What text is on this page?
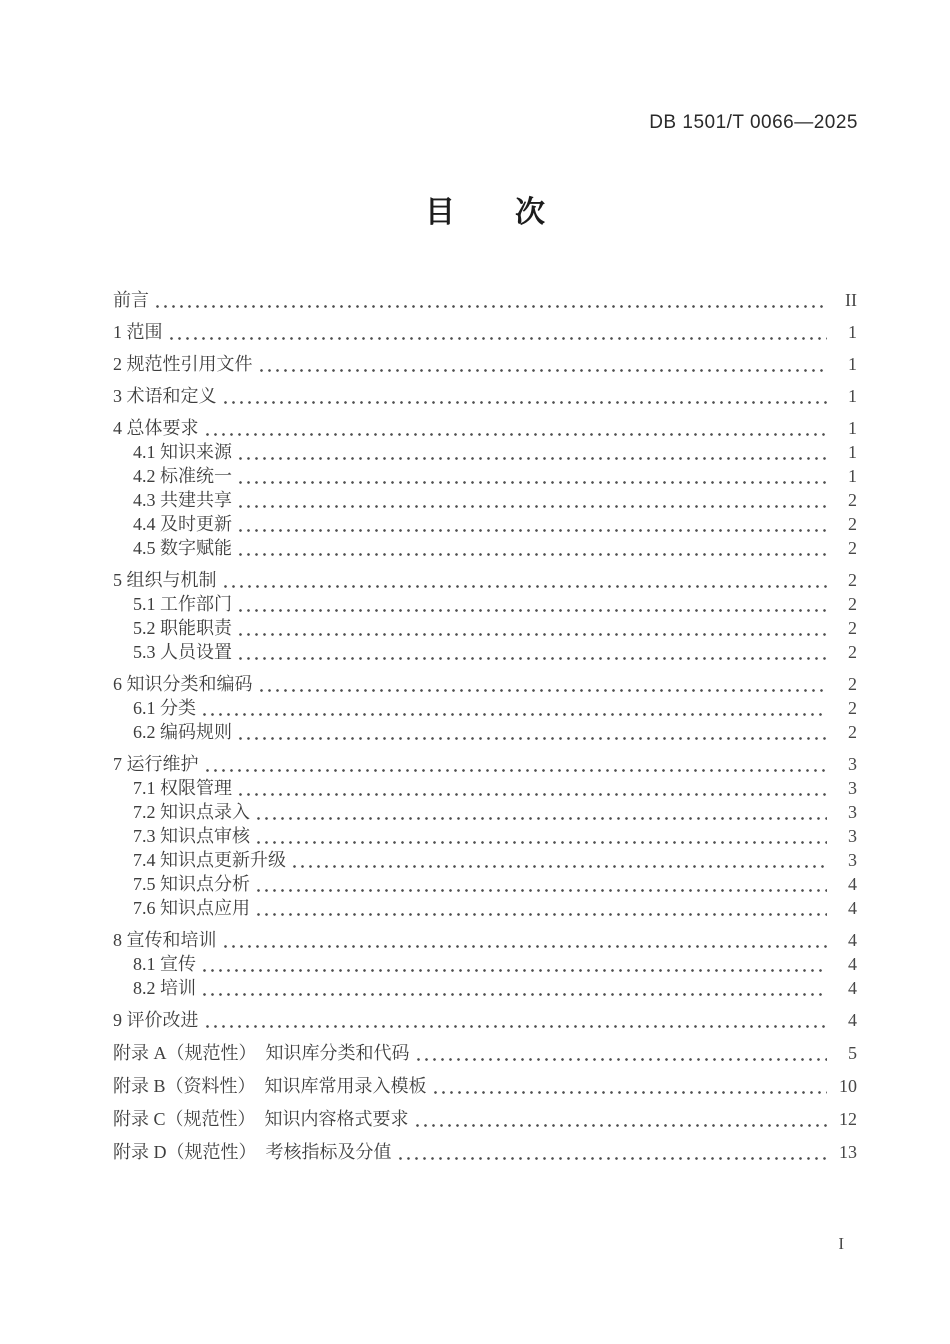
DB 1501/T 0066—2025
目　　次
前言	II
1 范围	1
2 规范性引用文件	1
3 术语和定义	1
4 总体要求	1
4.1 知识来源	1
4.2 标准统一	1
4.3 共建共享	2
4.4 及时更新	2
4.5 数字赋能	2
5 组织与机制	2
5.1 工作部门	2
5.2 职能职责	2
5.3 人员设置	2
6 知识分类和编码	2
6.1 分类	2
6.2 编码规则	2
7 运行维护	3
7.1 权限管理	3
7.2 知识点录入	3
7.3 知识点审核	3
7.4 知识点更新升级	3
7.5 知识点分析	4
7.6 知识点应用	4
8 宣传和培训	4
8.1 宣传	4
8.2 培训	4
9 评价改进	4
附录 A（规范性）  知识库分类和代码	5
附录 B（资料性）  知识库常用录入模板	10
附录 C（规范性）  知识内容格式要求	12
附录 D（规范性）  考核指标及分值	13
I
